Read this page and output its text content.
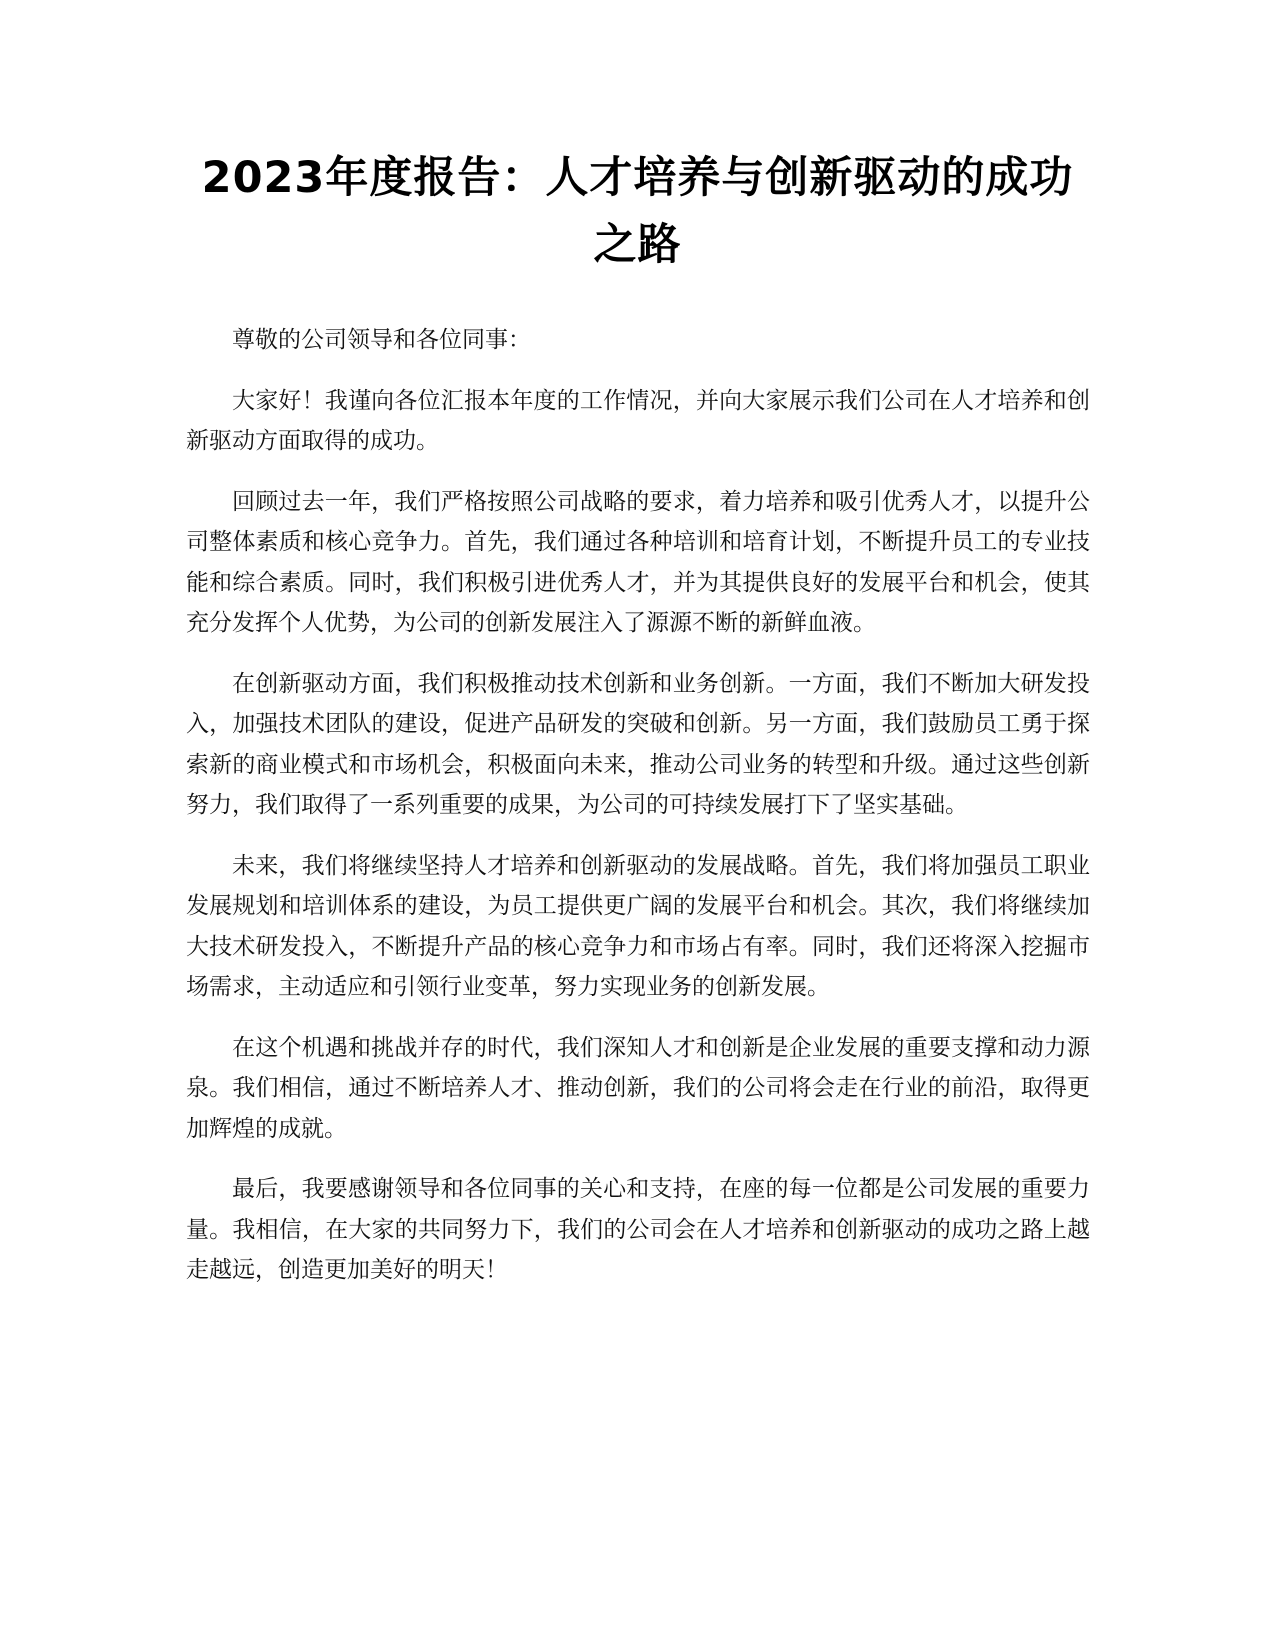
2023年度报告：人才培养与创新驱动的成功之路

尊敬的公司领导和各位同事：

大家好！我谨向各位汇报本年度的工作情况，并向大家展示我们公司在人才培养和创新驱动方面取得的成功。

回顾过去一年，我们严格按照公司战略的要求，着力培养和吸引优秀人才，以提升公司整体素质和核心竞争力。首先，我们通过各种培训和培育计划，不断提升员工的专业技能和综合素质。同时，我们积极引进优秀人才，并为其提供良好的发展平台和机会，使其充分发挥个人优势，为公司的创新发展注入了源源不断的新鲜血液。

在创新驱动方面，我们积极推动技术创新和业务创新。一方面，我们不断加大研发投入，加强技术团队的建设，促进产品研发的突破和创新。另一方面，我们鼓励员工勇于探索新的商业模式和市场机会，积极面向未来，推动公司业务的转型和升级。通过这些创新努力，我们取得了一系列重要的成果，为公司的可持续发展打下了坚实基础。

未来，我们将继续坚持人才培养和创新驱动的发展战略。首先，我们将加强员工职业发展规划和培训体系的建设，为员工提供更广阔的发展平台和机会。其次，我们将继续加大技术研发投入，不断提升产品的核心竞争力和市场占有率。同时，我们还将深入挖掘市场需求，主动适应和引领行业变革，努力实现业务的创新发展。

在这个机遇和挑战并存的时代，我们深知人才和创新是企业发展的重要支撑和动力源泉。我们相信，通过不断培养人才、推动创新，我们的公司将会走在行业的前沿，取得更加辉煌的成就。

最后，我要感谢领导和各位同事的关心和支持，在座的每一位都是公司发展的重要力量。我相信，在大家的共同努力下，我们的公司会在人才培养和创新驱动的成功之路上越走越远，创造更加美好的明天！
